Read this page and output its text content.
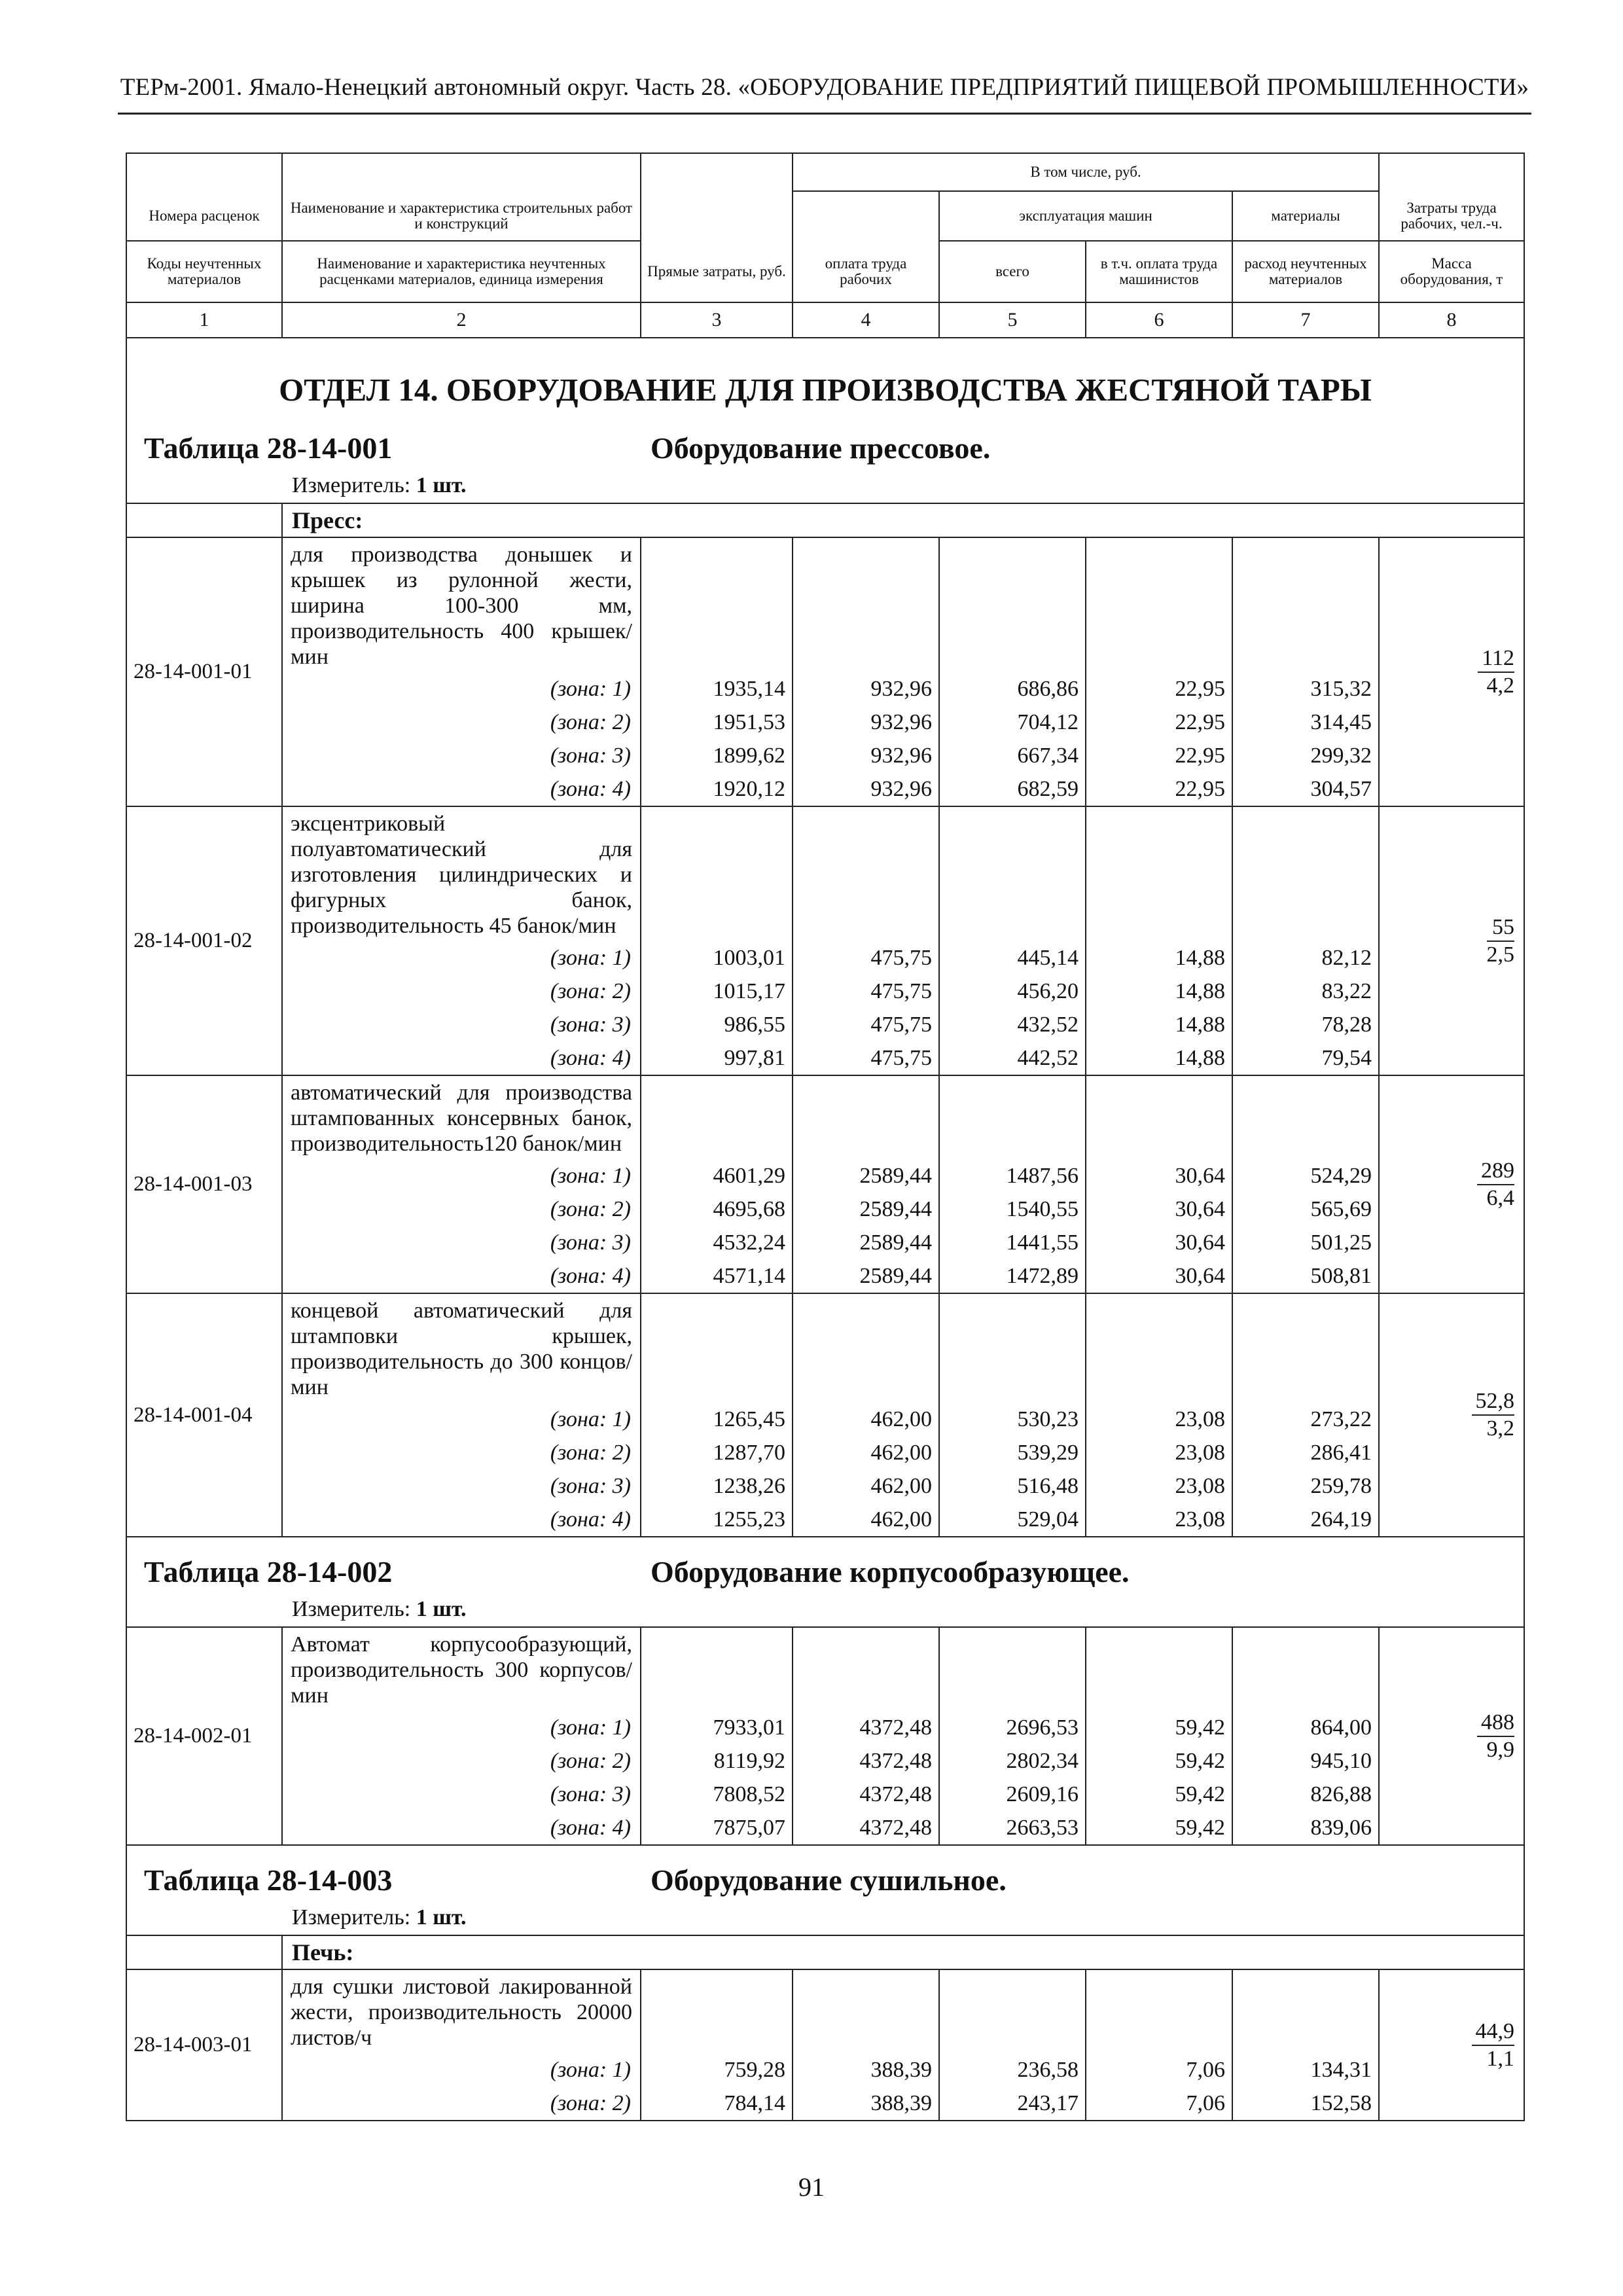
ТЕРм-2001. Ямало-Ненецкий автономный округ. Часть 28. «ОБОРУДОВАНИЕ ПРЕДПРИЯТИЙ ПИЩЕВОЙ ПРОМЫШЛЕННОСТИ»
			В том числе, руб.				
Номера расценок	Наименование и характеристика строительных работ и конструкций			эксплуатация машин		материалы	Затраты труда рабочих, чел.-ч.
Коды неучтенных материалов	Наименование и характеристика неучтенных расценками материалов, единица измерения	Прямые затраты, руб.	оплата труда рабочих	всего	в т.ч. оплата труда машинистов	расход неучтенных материалов	Масса оборудования, т
1	2	3	4	5	6	7	8

ОТДЕЛ 14. ОБОРУДОВАНИЕ ДЛЯ ПРОИЗВОДСТВА ЖЕСТЯНОЙ ТАРЫ
Таблица 28-14-001 Оборудование прессовое.
Измеритель: 1 шт.							

	Пресс:						
28-14-001-01	для производства донышек и крышек из рулонной жести, ширина 100-300 мм, производительность 400 крышек/мин						$\frac{112}{4,2}$

	(зона: 1)	1935,14	932,96	686,86	22,95	315,32	
	(зона: 2)	1951,53	932,96	704,12	22,95	314,45	
	(зона: 3)	1899,62	932,96	667,34	22,95	299,32	
	(зона: 4)	1920,12	932,96	682,59	22,95	304,57	
28-14-001-02	эксцентриковый полуавтоматический для изготовления цилиндрических и фигурных банок, производительность 45 банок/мин						$\frac{55}{2,5}$

	(зона: 1)	1003,01	475,75	445,14	14,88	82,12	
	(зона: 2)	1015,17	475,75	456,20	14,88	83,22	
	(зона: 3)	986,55	475,75	432,52	14,88	78,28	
	(зона: 4)	997,81	475,75	442,52	14,88	79,54	
28-14-001-03	автоматический для производства штампованных консервных банок, производительность120 банок/мин						$\frac{289}{6,4}$

	(зона: 1)	4601,29	2589,44	1487,56	30,64	524,29	
	(зона: 2)	4695,68	2589,44	1540,55	30,64	565,69	
	(зона: 3)	4532,24	2589,44	1441,55	30,64	501,25	
	(зона: 4)	4571,14	2589,44	1472,89	30,64	508,81	
28-14-001-04	концевой автоматический для штамповки крышек, производительность до 300 концов/мин						$\frac{52,8}{3,2}$

	(зона: 1)	1265,45	462,00	530,23	23,08	273,22	
	(зона: 2)	1287,70	462,00	539,29	23,08	286,41	
	(зона: 3)	1238,26	462,00	516,48	23,08	259,78	
	(зона: 4)	1255,23	462,00	529,04	23,08	264,19	

Таблица 28-14-002 Оборудование корпусообразующее.
Измеритель: 1 шт.							

28-14-002-01	Автомат корпусообразующий, производительность 300 корпусов/мин						$\frac{488}{9,9}$

	(зона: 1)	7933,01	4372,48	2696,53	59,42	864,00	
	(зона: 2)	8119,92	4372,48	2802,34	59,42	945,10	
	(зона: 3)	7808,52	4372,48	2609,16	59,42	826,88	
	(зона: 4)	7875,07	4372,48	2663,53	59,42	839,06	

Таблица 28-14-003 Оборудование сушильное.
Измеритель: 1 шт.							

	Печь:						
28-14-003-01	для сушки листовой лакированной жести, производительность 20000 листов/ч						$\frac{44,9}{1,1}$

	(зона: 1)	759,28	388,39	236,58	7,06	134,31	
	(зона: 2)	784,14	388,39	243,17	7,06	152,58	
91
